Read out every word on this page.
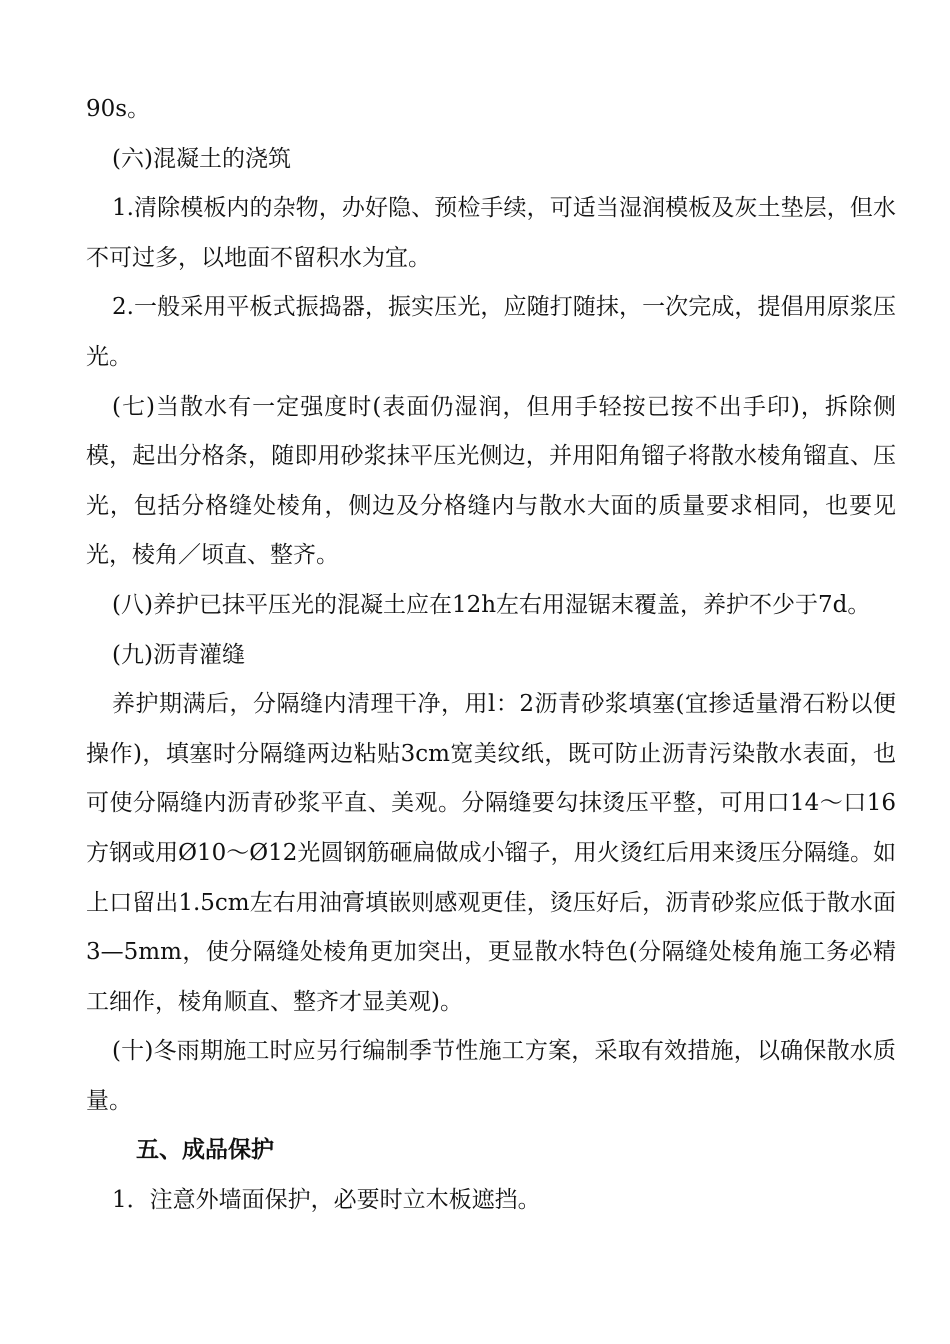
90s。

(六)混凝土的浇筑

1.清除模板内的杂物，办好隐、预检手续，可适当湿润模板及灰土垫层，但水不可过多，以地面不留积水为宜。

2.一般采用平板式振捣器，振实压光，应随打随抹，一次完成，提倡用原浆压光。

(七)当散水有一定强度时(表面仍湿润，但用手轻按已按不出手印)，拆除侧模，起出分格条，随即用砂浆抹平压光侧边，并用阳角镏子将散水棱角镏直、压光，包括分格缝处棱角，侧边及分格缝内与散水大面的质量要求相同，也要见光，棱角／顷直、整齐。

(八)养护已抹平压光的混凝土应在12h左右用湿锯末覆盖，养护不少于7d。

(九)沥青灌缝

养护期满后，分隔缝内清理干净，用l：2沥青砂浆填塞(宜掺适量滑石粉以便操作)，填塞时分隔缝两边粘贴3cm宽美纹纸，既可防止沥青污染散水表面，也可使分隔缝内沥青砂浆平直、美观。分隔缝要勾抹烫压平整，可用口14～口16方钢或用Ø10～Ø12光圆钢筋砸扁做成小镏子，用火烫红后用来烫压分隔缝。如上口留出1.5cm左右用油膏填嵌则感观更佳，烫压好后，沥青砂浆应低于散水面3—5mm，使分隔缝处棱角更加突出，更显散水特色(分隔缝处棱角施工务必精工细作，棱角顺直、整齐才显美观)。

(十)冬雨期施工时应另行编制季节性施工方案，采取有效措施，以确保散水质量。

五、成品保护

1．注意外墙面保护，必要时立木板遮挡。
